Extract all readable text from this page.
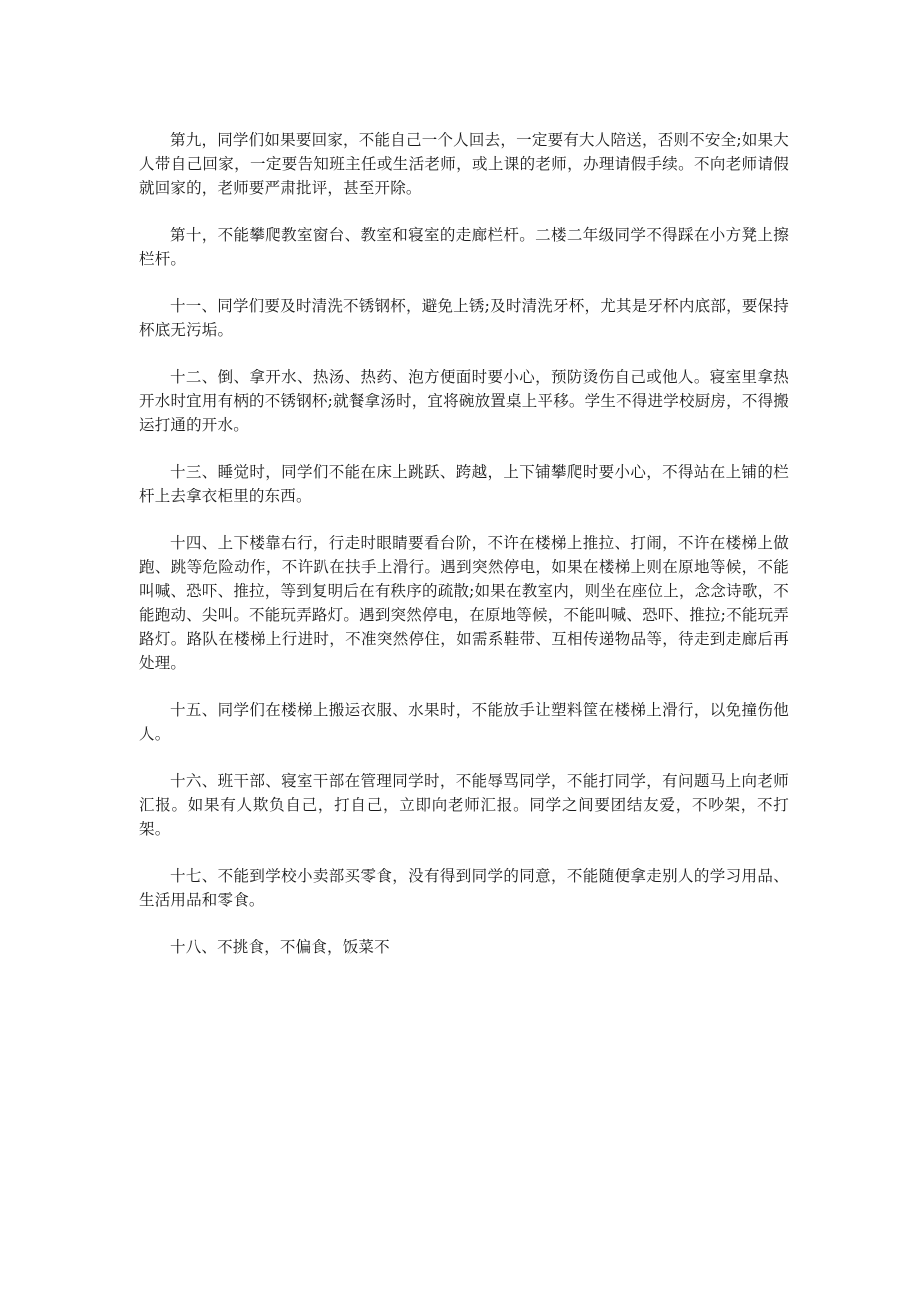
第九，同学们如果要回家，不能自己一个人回去，一定要有大人陪送，否则不安全;如果大人带自己回家，一定要告知班主任或生活老师，或上课的老师，办理请假手续。不向老师请假就回家的，老师要严肃批评，甚至开除。

第十，不能攀爬教室窗台、教室和寝室的走廊栏杆。二楼二年级同学不得踩在小方凳上擦栏杆。

十一、同学们要及时清洗不锈钢杯，避免上锈;及时清洗牙杯，尤其是牙杯内底部，要保持杯底无污垢。

十二、倒、拿开水、热汤、热药、泡方便面时要小心，预防烫伤自己或他人。寝室里拿热开水时宜用有柄的不锈钢杯;就餐拿汤时，宜将碗放置桌上平移。学生不得进学校厨房，不得搬运打通的开水。

十三、睡觉时，同学们不能在床上跳跃、跨越，上下铺攀爬时要小心，不得站在上铺的栏杆上去拿衣柜里的东西。

十四、上下楼靠右行，行走时眼睛要看台阶，不许在楼梯上推拉、打闹，不许在楼梯上做跑、跳等危险动作，不许趴在扶手上滑行。遇到突然停电，如果在楼梯上则在原地等候，不能叫喊、恐吓、推拉，等到复明后在有秩序的疏散;如果在教室内，则坐在座位上，念念诗歌，不能跑动、尖叫。不能玩弄路灯。遇到突然停电，在原地等候，不能叫喊、恐吓、推拉;不能玩弄路灯。路队在楼梯上行进时，不准突然停住，如需系鞋带、互相传递物品等，待走到走廊后再处理。

十五、同学们在楼梯上搬运衣服、水果时，不能放手让塑料筐在楼梯上滑行，以免撞伤他人。

十六、班干部、寝室干部在管理同学时，不能辱骂同学，不能打同学，有问题马上向老师汇报。如果有人欺负自己，打自己，立即向老师汇报。同学之间要团结友爱，不吵架，不打架。

十七、不能到学校小卖部买零食，没有得到同学的同意，不能随便拿走别人的学习用品、生活用品和零食。

十八、不挑食，不偏食，饭菜不
